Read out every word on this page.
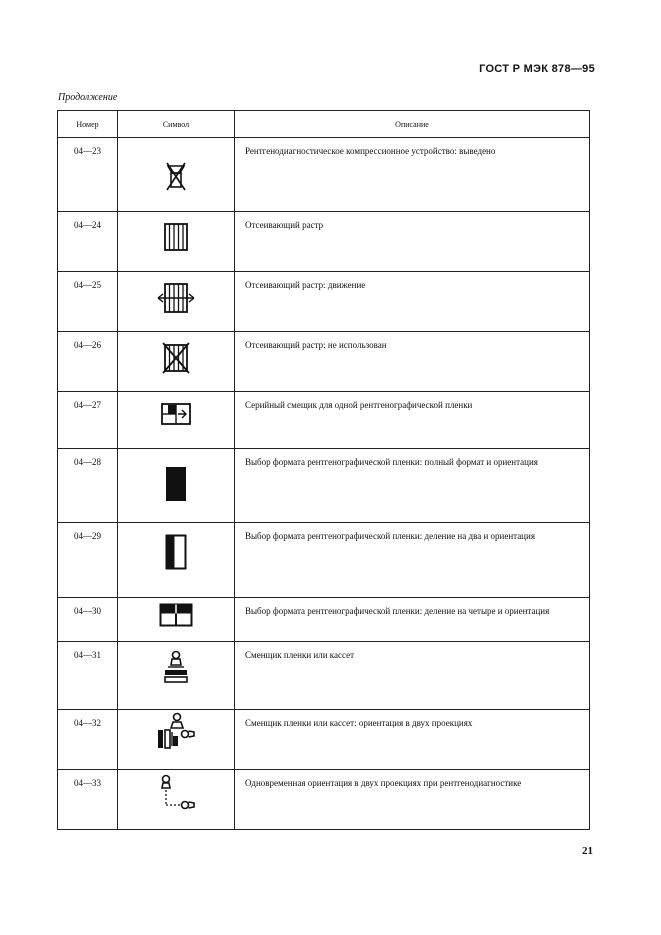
ГОСТ Р МЭК 878—95
Продолжение
Номер	Символ	Описание
04—23		Рентгенодиагностическое компрессионное устройство: выведено
04—24		Отсеивающий растр
04—25		Отсеивающий растр: движение
04—26		Отсеивающий растр: не использован
04—27		Серийный смещик для одной рентгенографической пленки
04—28		Выбор формата рентгенографической пленки: полный формат и ориентация
04—29		Выбор формата рентгенографической пленки: деление на два и ориентация
04—30		Выбор формата рентгенографической пленки: деление на четыре и ориентация
04—31		Сменщик пленки или кассет
04—32		Сменщик пленки или кассет: ориентация в двух проекциях
04—33		Одновременная ориентация в двух проекциях при рентгенодиагностике
21
